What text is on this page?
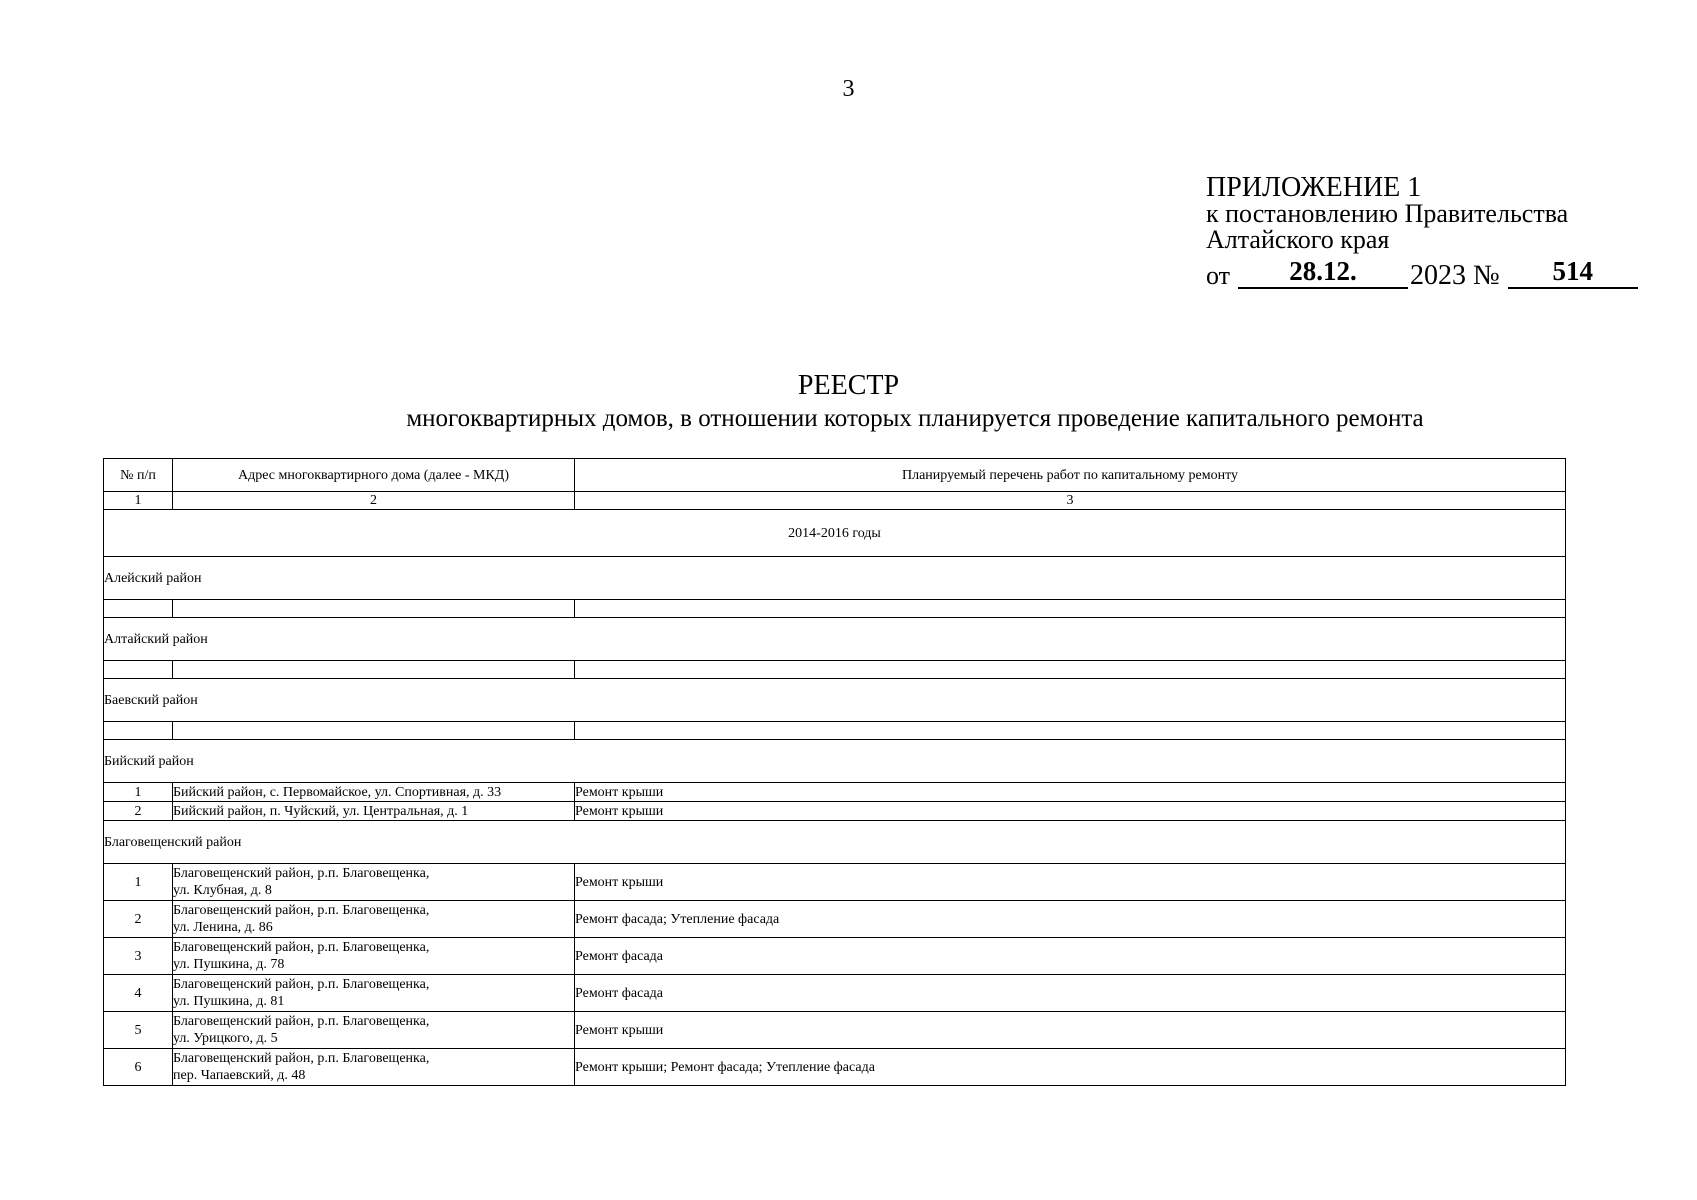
3
ПРИЛОЖЕНИЕ 1
к постановлению Правительства
Алтайского края
от	28.12.	2023 №	514
РЕЕСТР
многоквартирных домов, в отношении которых планируется проведение капитального ремонта
№ п/п	Адрес многоквартирного дома (далее - МКД)	Планируемый перечень работ по капитальному ремонту
1	2	3
2014-2016 годы		
Алейский район		

Алтайский район		

Баевский район		

Бийский район		
1	Бийский район, с. Первомайское, ул. Спортивная, д. 33	Ремонт крыши
2	Бийский район, п. Чуйский, ул. Центральная, д. 1	Ремонт крыши
Благовещенский район		
1	Благовещенский район, р.п. Благовещенка,
ул. Клубная, д. 8	Ремонт крыши
2	Благовещенский район, р.п. Благовещенка,
ул. Ленина, д. 86	Ремонт фасада; Утепление фасада
3	Благовещенский район, р.п. Благовещенка,
ул. Пушкина, д. 78	Ремонт фасада
4	Благовещенский район, р.п. Благовещенка,
ул. Пушкина, д. 81	Ремонт фасада
5	Благовещенский район, р.п. Благовещенка,
ул. Урицкого, д. 5	Ремонт крыши
6	Благовещенский район, р.п. Благовещенка,
пер. Чапаевский, д. 48	Ремонт крыши; Ремонт фасада; Утепление фасада
